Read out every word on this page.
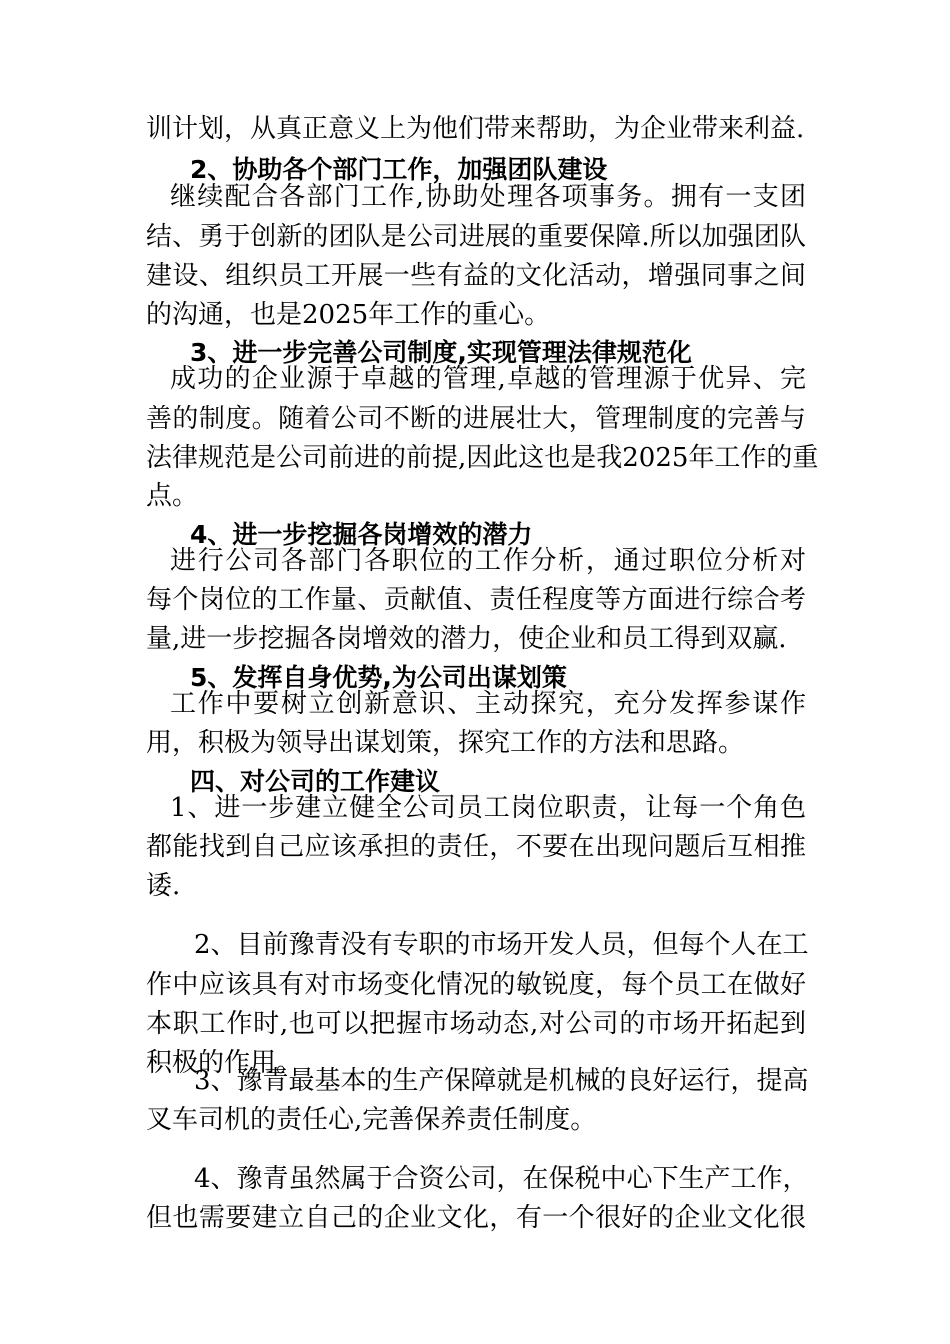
训计划，从真正意义上为他们带来帮助，为企业带来利益.
2、协助各个部门工作，加强团队建设
继续配合各部门工作,协助处理各项事务。拥有一支团
结、勇于创新的团队是公司进展的重要保障.所以加强团队
建设、组织员工开展一些有益的文化活动，增强同事之间
的沟通，也是2025年工作的重心。
3、进一步完善公司制度,实现管理法律规范化
成功的企业源于卓越的管理,卓越的管理源于优异、完
善的制度。随着公司不断的进展壮大，管理制度的完善与
法律规范是公司前进的前提,因此这也是我2025年工作的重
点。
4、进一步挖掘各岗增效的潜力
进行公司各部门各职位的工作分析，通过职位分析对
每个岗位的工作量、贡献值、责任程度等方面进行综合考
量,进一步挖掘各岗增效的潜力，使企业和员工得到双赢.
5、发挥自身优势,为公司出谋划策
工作中要树立创新意识、主动探究，充分发挥参谋作
用，积极为领导出谋划策，探究工作的方法和思路。
四、对公司的工作建议
1、进一步建立健全公司员工岗位职责，让每一个角色
都能找到自己应该承担的责任，不要在出现问题后互相推
诿.
2、目前豫青没有专职的市场开发人员，但每个人在工
作中应该具有对市场变化情况的敏锐度，每个员工在做好
本职工作时,也可以把握市场动态,对公司的市场开拓起到
积极的作用。
3、豫青最基本的生产保障就是机械的良好运行，提高
叉车司机的责任心,完善保养责任制度。
4、豫青虽然属于合资公司，在保税中心下生产工作，
但也需要建立自己的企业文化，有一个很好的企业文化很
